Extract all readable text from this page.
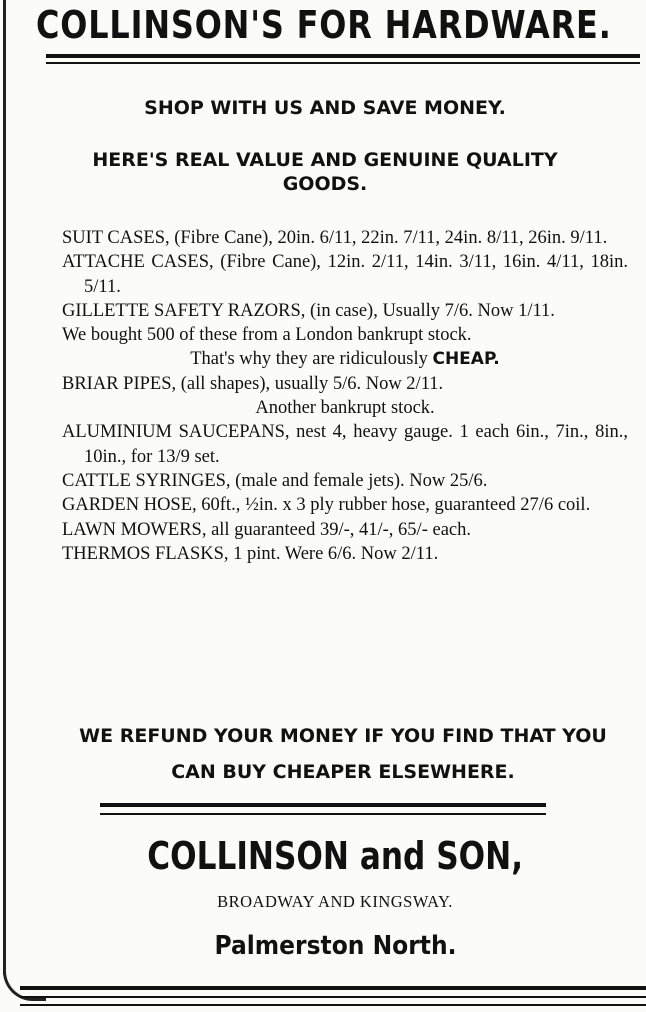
COLLINSON'S FOR HARDWARE.
SHOP WITH US AND SAVE MONEY.
HERE'S REAL VALUE AND GENUINE QUALITY
GOODS.

SUIT CASES, (Fibre Cane), 20in. 6/11, 22in. 7/11, 24in. 8/11, 26in. 9/11.

ATTACHE CASES, (Fibre Cane), 12in. 2/11, 14in. 3/11, 16in. 4/11, 18in. 5/11.

GILLETTE SAFETY RAZORS, (in case), Usually 7/6. Now 1/11.

We bought 500 of these from a London bankrupt stock.
That's why they are ridiculously CHEAP.

BRIAR PIPES, (all shapes), usually 5/6. Now 2/11.

Another bankrupt stock.

ALUMINIUM SAUCEPANS, nest 4, heavy gauge. 1 each 6in., 7in., 8in., 10in., for 13/9 set.

CATTLE SYRINGES, (male and female jets). Now 25/6.

GARDEN HOSE, 60ft., ½in. x 3 ply rubber hose, guaranteed 27/6 coil.

LAWN MOWERS, all guaranteed 39/-, 41/-, 65/- each.

THERMOS FLASKS, 1 pint. Were 6/6. Now 2/11.

WE REFUND YOUR MONEY IF YOU FIND THAT YOU
CAN BUY CHEAPER ELSEWHERE.
COLLINSON and SON,
BROADWAY AND KINGSWAY.
Palmerston North.
